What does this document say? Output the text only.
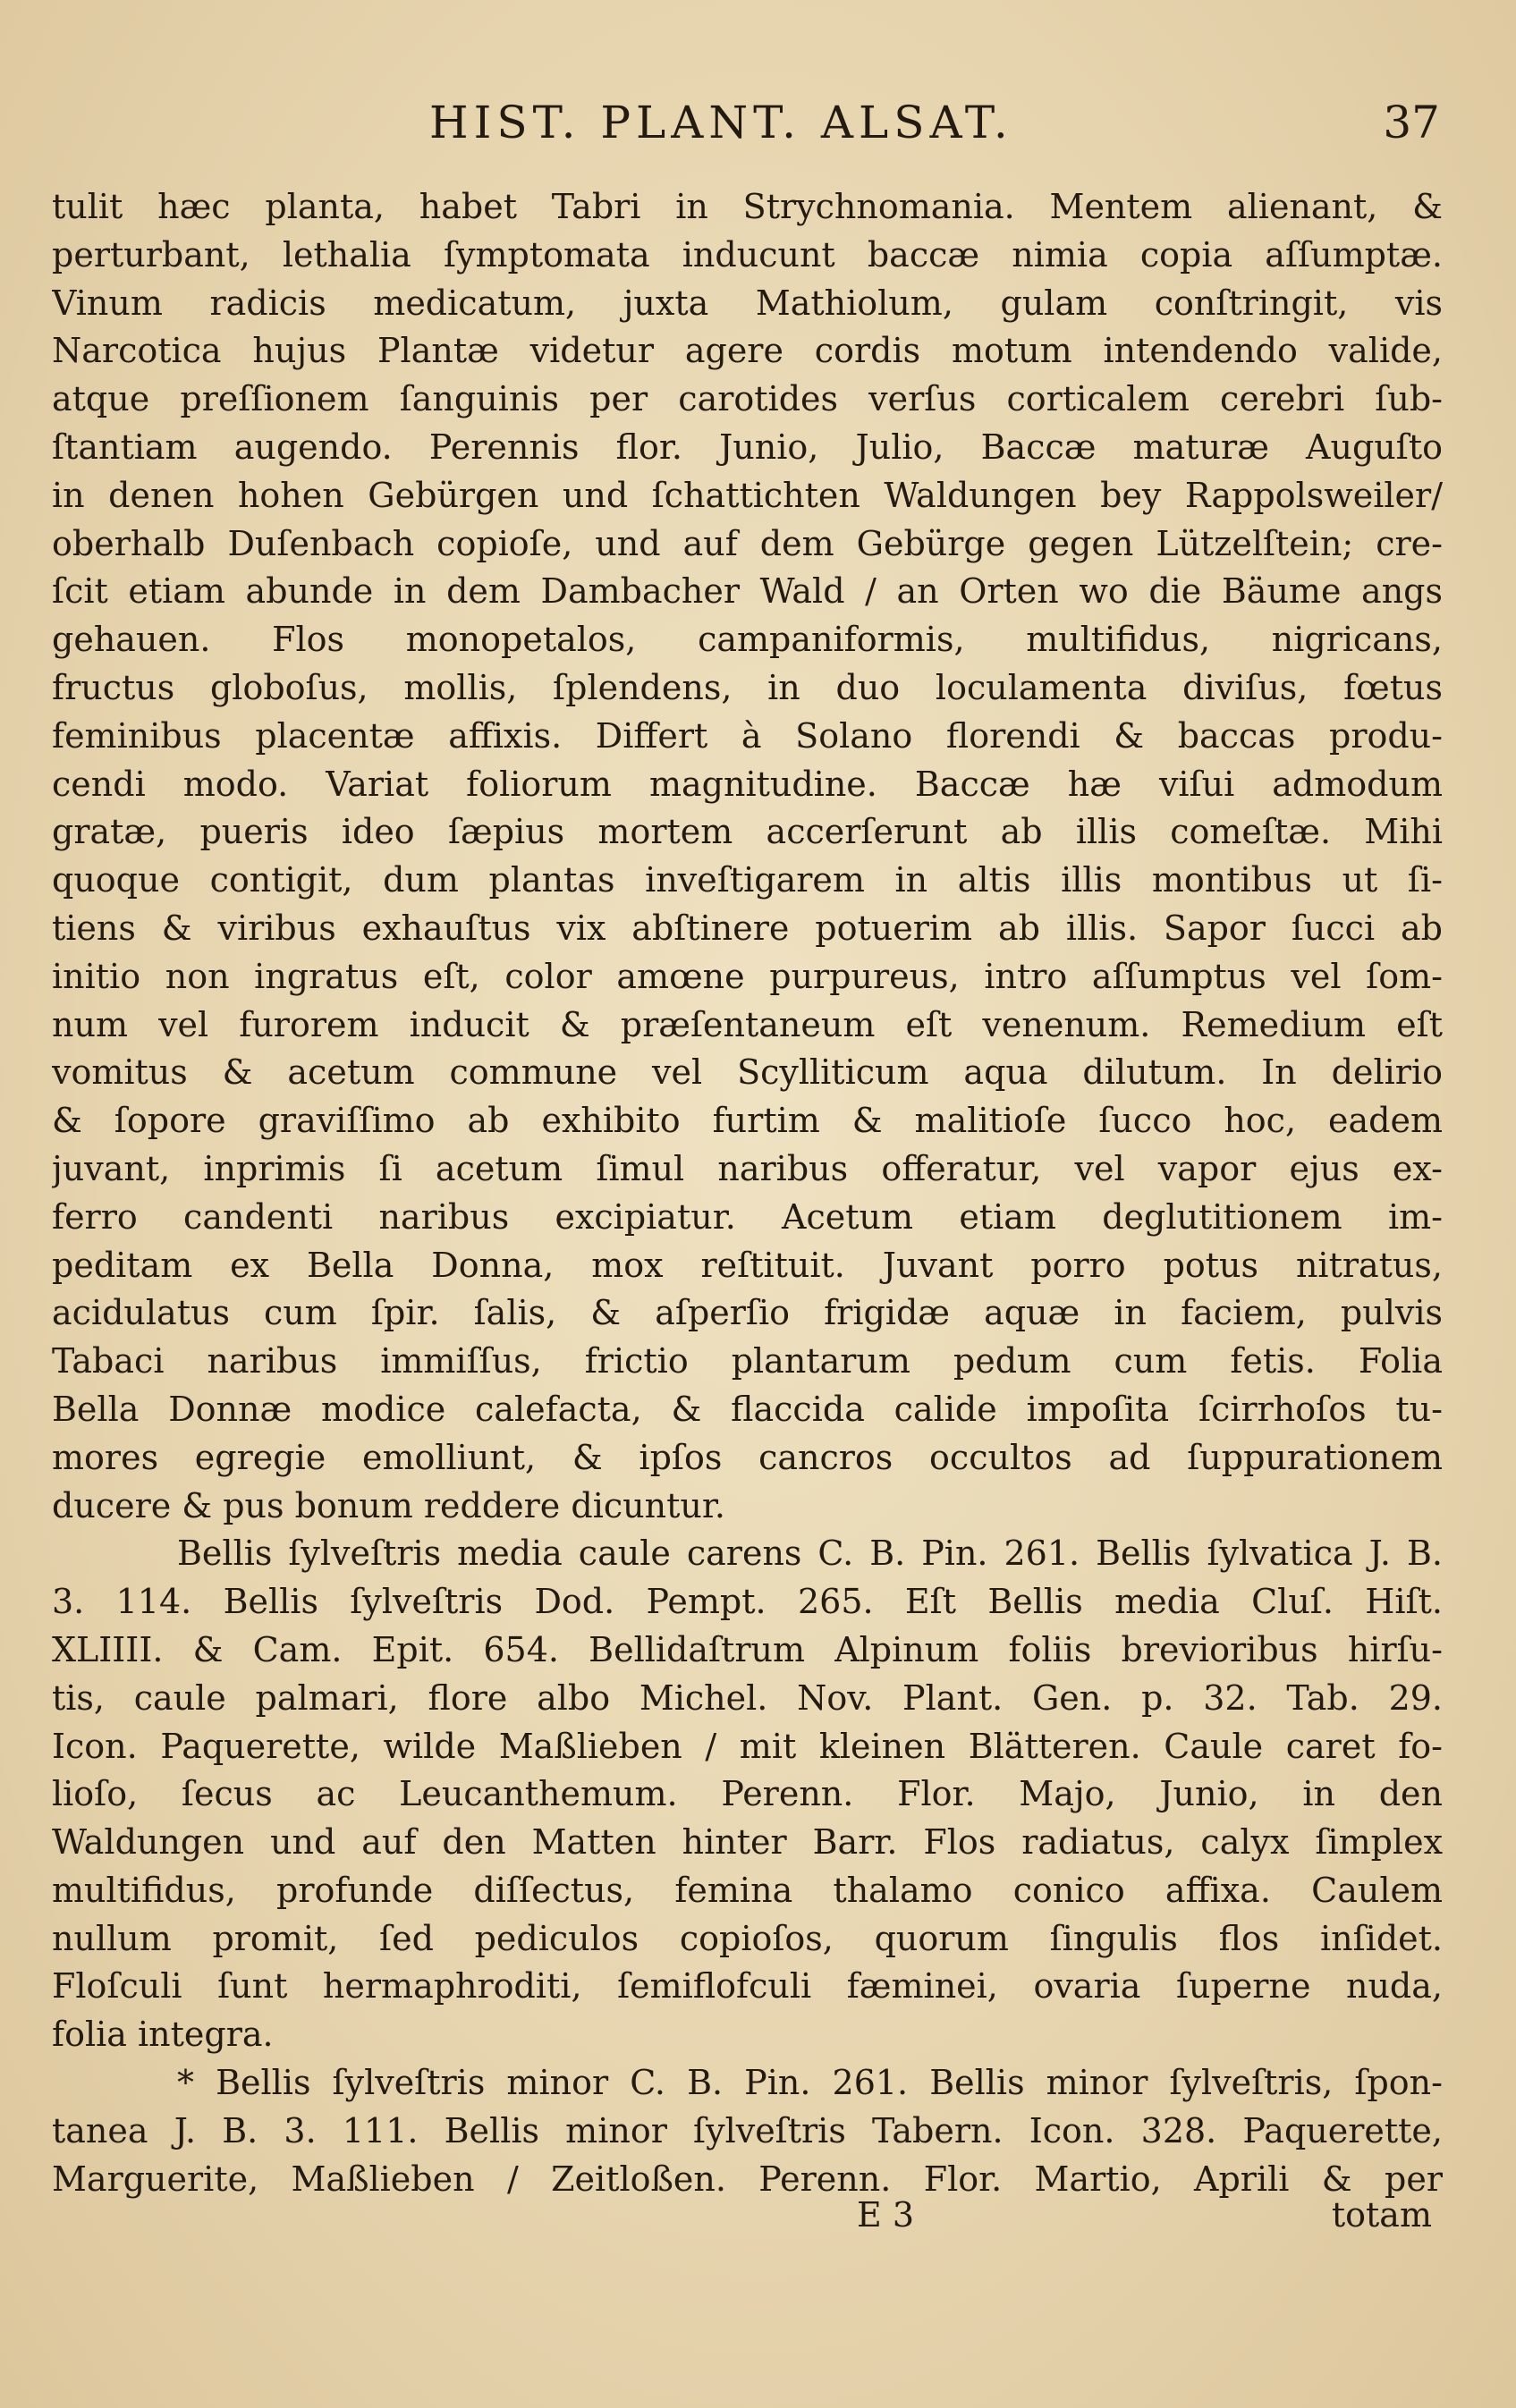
HIST. PLANT. ALSAT.	37
tulit hæc planta, habet Tabri in Strychnomania. Mentem alienant, &
perturbant, lethalia ſymptomata inducunt baccæ nimia copia aſſumptæ.
Vinum radicis medicatum, juxta Mathiolum, gulam conſtringit, vis
Narcotica hujus Plantæ videtur agere cordis motum intendendo valide,
atque preſſionem ſanguinis per carotides verſus corticalem cerebri ſub-
ſtantiam augendo. Perennis flor. Junio, Julio, Baccæ maturæ Auguſto
in denen hohen Gebürgen und ſchattichten Waldungen bey Rappolsweiler/
oberhalb Duſenbach copioſe, und auf dem Gebürge gegen Lützelſtein; cre-
ſcit etiam abunde in dem Dambacher Wald / an Orten wo die Bäume angs
gehauen. Flos monopetalos, campaniformis, multifidus, nigricans,
fructus globoſus, mollis, ſplendens, in duo loculamenta diviſus, fœtus
feminibus placentæ affixis. Differt à Solano florendi & baccas produ-
cendi modo. Variat foliorum magnitudine. Baccæ hæ viſui admodum
gratæ, pueris ideo ſæpius mortem accerſerunt ab illis comeſtæ. Mihi
quoque contigit, dum plantas inveſtigarem in altis illis montibus ut ſi-
tiens & viribus exhauſtus vix abſtinere potuerim ab illis. Sapor ſucci ab
initio non ingratus eſt, color amœne purpureus, intro aſſumptus vel ſom-
num vel furorem inducit & præſentaneum eſt venenum. Remedium eſt
vomitus & acetum commune vel Scylliticum aqua dilutum. In delirio
& ſopore graviſſimo ab exhibito furtim & malitioſe ſucco hoc, eadem
juvant, inprimis ſi acetum ſimul naribus offeratur, vel vapor ejus ex-
ferro candenti naribus excipiatur. Acetum etiam deglutitionem im-
peditam ex Bella Donna, mox reſtituit. Juvant porro potus nitratus,
acidulatus cum ſpir. ſalis, & aſperſio frigidæ aquæ in faciem, pulvis
Tabaci naribus immiſſus, frictio plantarum pedum cum fetis. Folia
Bella Donnæ modice calefacta, & flaccida calide impoſita ſcirrhoſos tu-
mores egregie emolliunt, & ipſos cancros occultos ad ſuppurationem
ducere & pus bonum reddere dicuntur.
Bellis ſylveſtris media caule carens C. B. Pin. 261. Bellis ſylvatica J. B.
3. 114. Bellis ſylveſtris Dod. Pempt. 265. Eſt Bellis media Cluſ. Hiſt.
XLIIII. & Cam. Epit. 654. Bellidaſtrum Alpinum foliis brevioribus hirſu-
tis, caule palmari, flore albo Michel. Nov. Plant. Gen. p. 32. Tab. 29.
Icon. Paquerette, wilde Maßlieben / mit kleinen Blätteren. Caule caret fo-
lioſo, ſecus ac Leucanthemum. Perenn. Flor. Majo, Junio, in den
Waldungen und auf den Matten hinter Barr. Flos radiatus, calyx ſimplex
multifidus, profunde diſſectus, femina thalamo conico affixa. Caulem
nullum promit, ſed pediculos copioſos, quorum ſingulis flos inſidet.
Floſculi ſunt hermaphroditi, ſemiflofculi fæminei, ovaria ſuperne nuda,
folia integra.
* Bellis ſylveſtris minor C. B. Pin. 261. Bellis minor ſylveſtris, ſpon-
tanea J. B. 3. 111. Bellis minor ſylveſtris Tabern. Icon. 328. Paquerette,
Marguerite, Maßlieben / Zeitloßen. Perenn. Flor. Martio, Aprili & per
E 3	totam
